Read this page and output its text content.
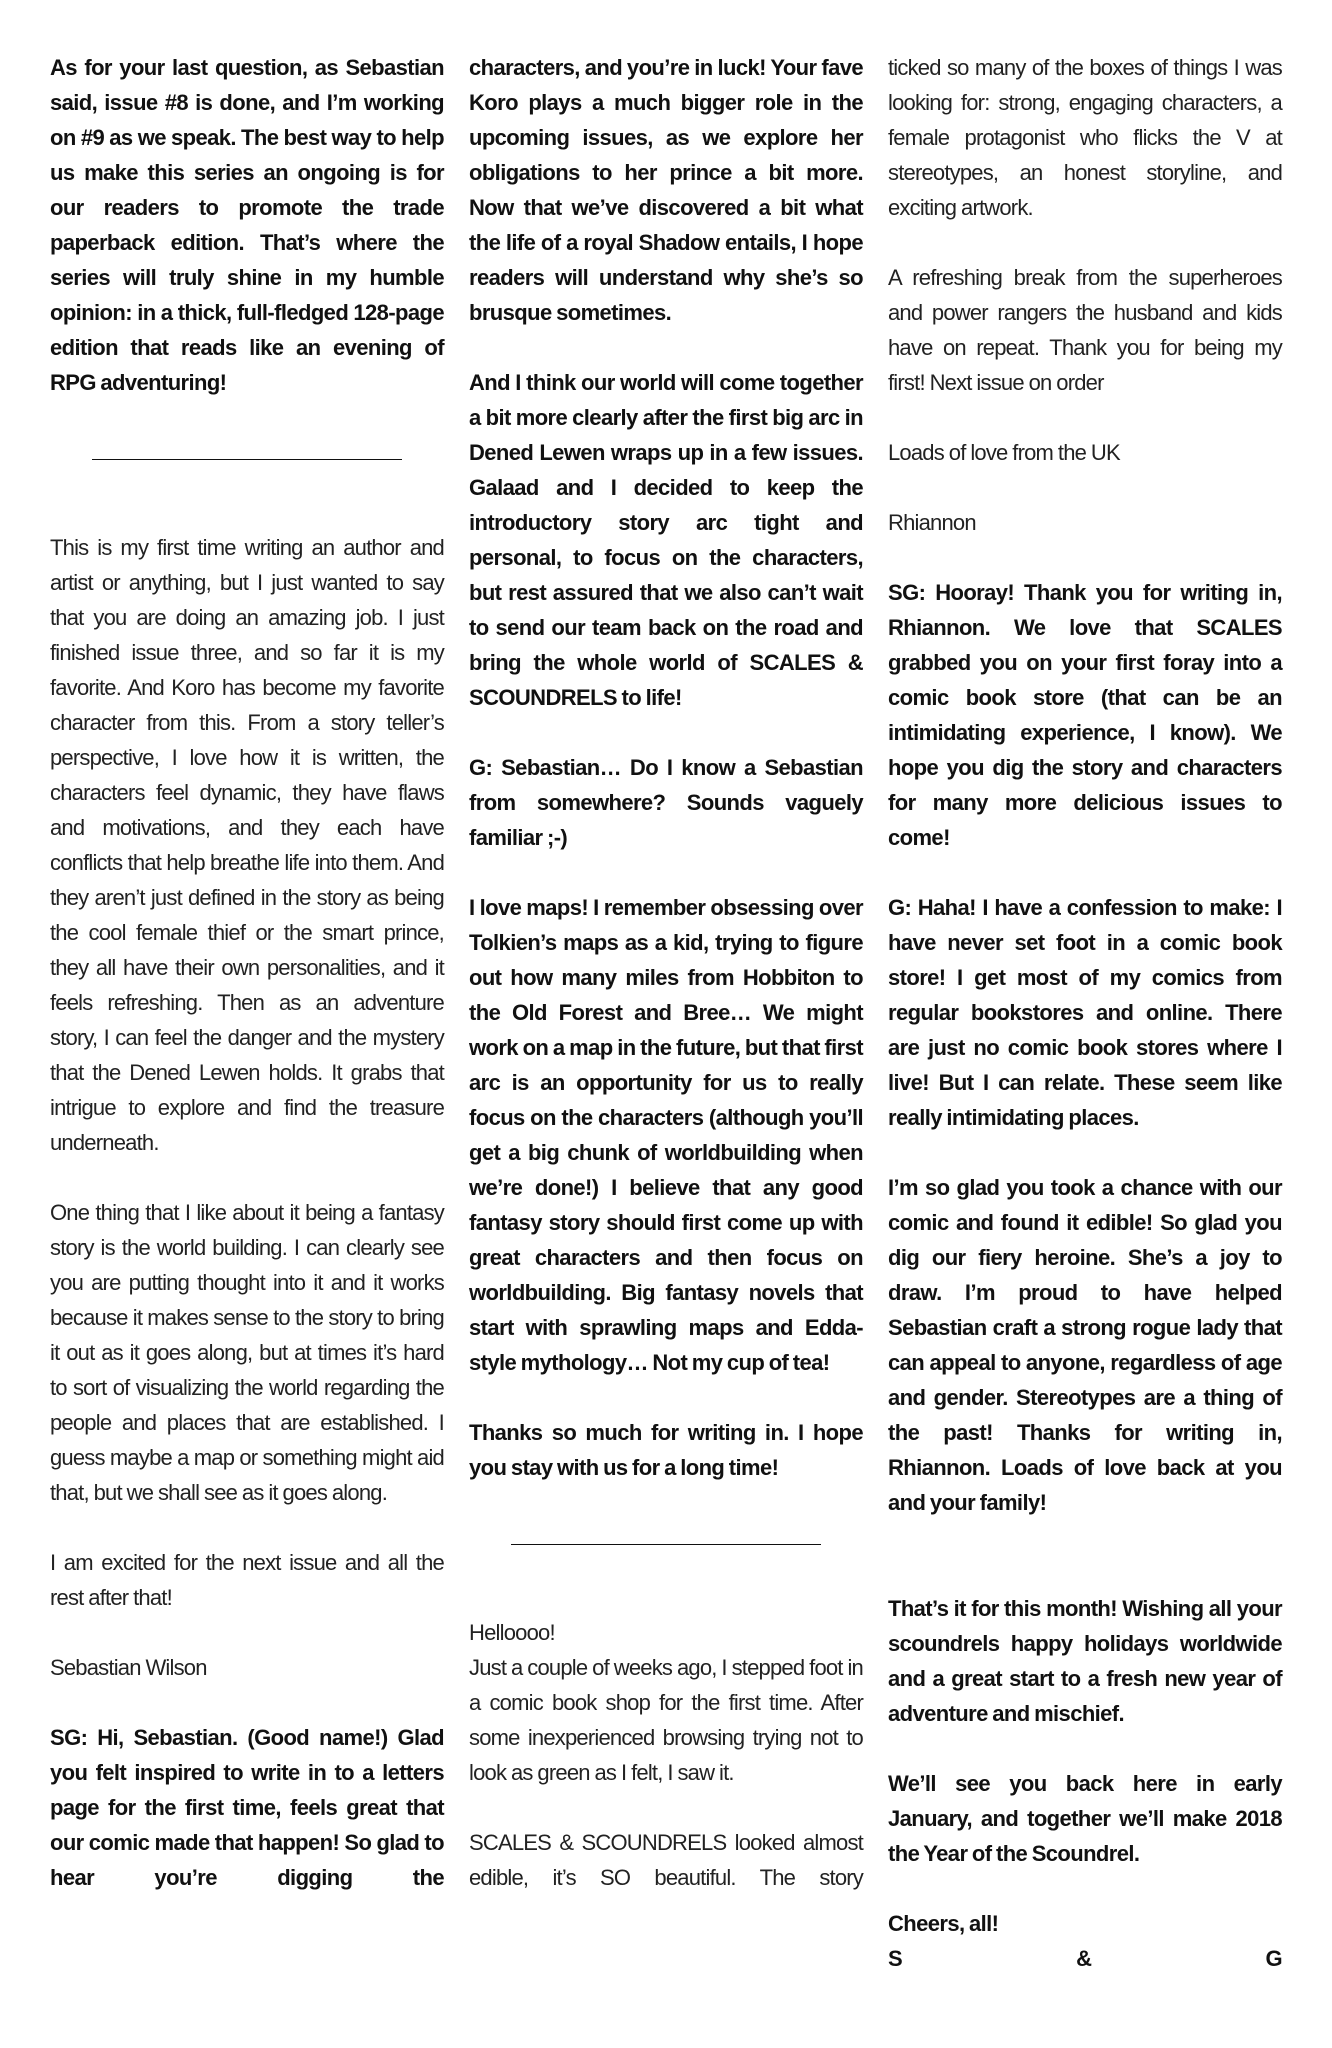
As for your last question, as Sebastian said, issue #8 is done, and I’m working on #9 as we speak. The best way to help us make this series an ongoing is for our readers to promote the trade paperback edition. That’s where the series will truly shine in my humble opinion: in a thick, full-fledged 128-page edition that reads like an evening of RPG adventuring!

This is my first time writing an author and artist or anything, but I just wanted to say that you are doing an amazing job. I just finished issue three, and so far it is my favorite. And Koro has become my favorite character from this. From a story teller’s perspective, I love how it is written, the characters feel dynamic, they have flaws and motivations, and they each have conflicts that help breathe life into them. And they aren’t just defined in the story as being the cool female thief or the smart prince, they all have their own personalities, and it feels refreshing. Then as an adventure story, I can feel the danger and the mystery that the Dened Lewen holds. It grabs that intrigue to explore and find the treasure underneath.

One thing that I like about it being a fantasy story is the world building. I can clearly see you are putting thought into it and it works because it makes sense to the story to bring it out as it goes along, but at times it’s hard to sort of visualizing the world regarding the people and places that are established. I guess maybe a map or something might aid that, but we shall see as it goes along.

I am excited for the next issue and all the rest after that!

Sebastian Wilson

SG: Hi, Sebastian. (Good name!) Glad you felt inspired to write in to a letters page for the first time, feels great that our comic made that happen! So glad to hear you’re digging the

characters, and you’re in luck! Your fave Koro plays a much bigger role in the upcoming issues, as we explore her obligations to her prince a bit more. Now that we’ve discovered a bit what the life of a royal Shadow entails, I hope readers will understand why she’s so brusque sometimes.

And I think our world will come together a bit more clearly after the first big arc in Dened Lewen wraps up in a few issues. Galaad and I decided to keep the introductory story arc tight and personal, to focus on the characters, but rest assured that we also can’t wait to send our team back on the road and bring the whole world of SCALES & SCOUNDRELS to life!

G: Sebastian… Do I know a Sebastian from somewhere? Sounds vaguely familiar ;-)

I love maps! I remember obsessing over Tolkien’s maps as a kid, trying to figure out how many miles from Hobbiton to the Old Forest and Bree… We might work on a map in the future, but that first arc is an opportunity for us to really focus on the characters (although you’ll get a big chunk of worldbuilding when we’re done!) I believe that any good fantasy story should first come up with great characters and then focus on worldbuilding. Big fantasy novels that start with sprawling maps and Edda-style mythology… Not my cup of tea!

Thanks so much for writing in. I hope you stay with us for a long time!

Helloooo!

Just a couple of weeks ago, I stepped foot in a comic book shop for the first time. After some inexperienced browsing trying not to look as green as I felt, I saw it.

SCALES & SCOUNDRELS looked almost edible, it’s SO beautiful. The story

ticked so many of the boxes of things I was looking for: strong, engaging characters, a female protagonist who flicks the V at stereotypes, an honest storyline, and exciting artwork.

A refreshing break from the superheroes and power rangers the husband and kids have on repeat. Thank you for being my first! Next issue on order

Loads of love from the UK

Rhiannon

SG: Hooray! Thank you for writing in, Rhiannon. We love that SCALES grabbed you on your first foray into a comic book store (that can be an intimidating experience, I know). We hope you dig the story and characters for many more delicious issues to come!

G: Haha! I have a confession to make: I have never set foot in a comic book store! I get most of my comics from regular bookstores and online. There are just no comic book stores where I live! But I can relate. These seem like really intimidating places.

I’m so glad you took a chance with our comic and found it edible! So glad you dig our fiery heroine. She’s a joy to draw. I’m proud to have helped Sebastian craft a strong rogue lady that can appeal to anyone, regardless of age and gender. Stereotypes are a thing of the past! Thanks for writing in, Rhiannon. Loads of love back at you and your family!

That’s it for this month! Wishing all your scoundrels happy holidays worldwide and a great start to a fresh new year of adventure and mischief.

We’ll see you back here in early January, and together we’ll make 2018 the Year of the Scoundrel.

Cheers, all!

S & G
